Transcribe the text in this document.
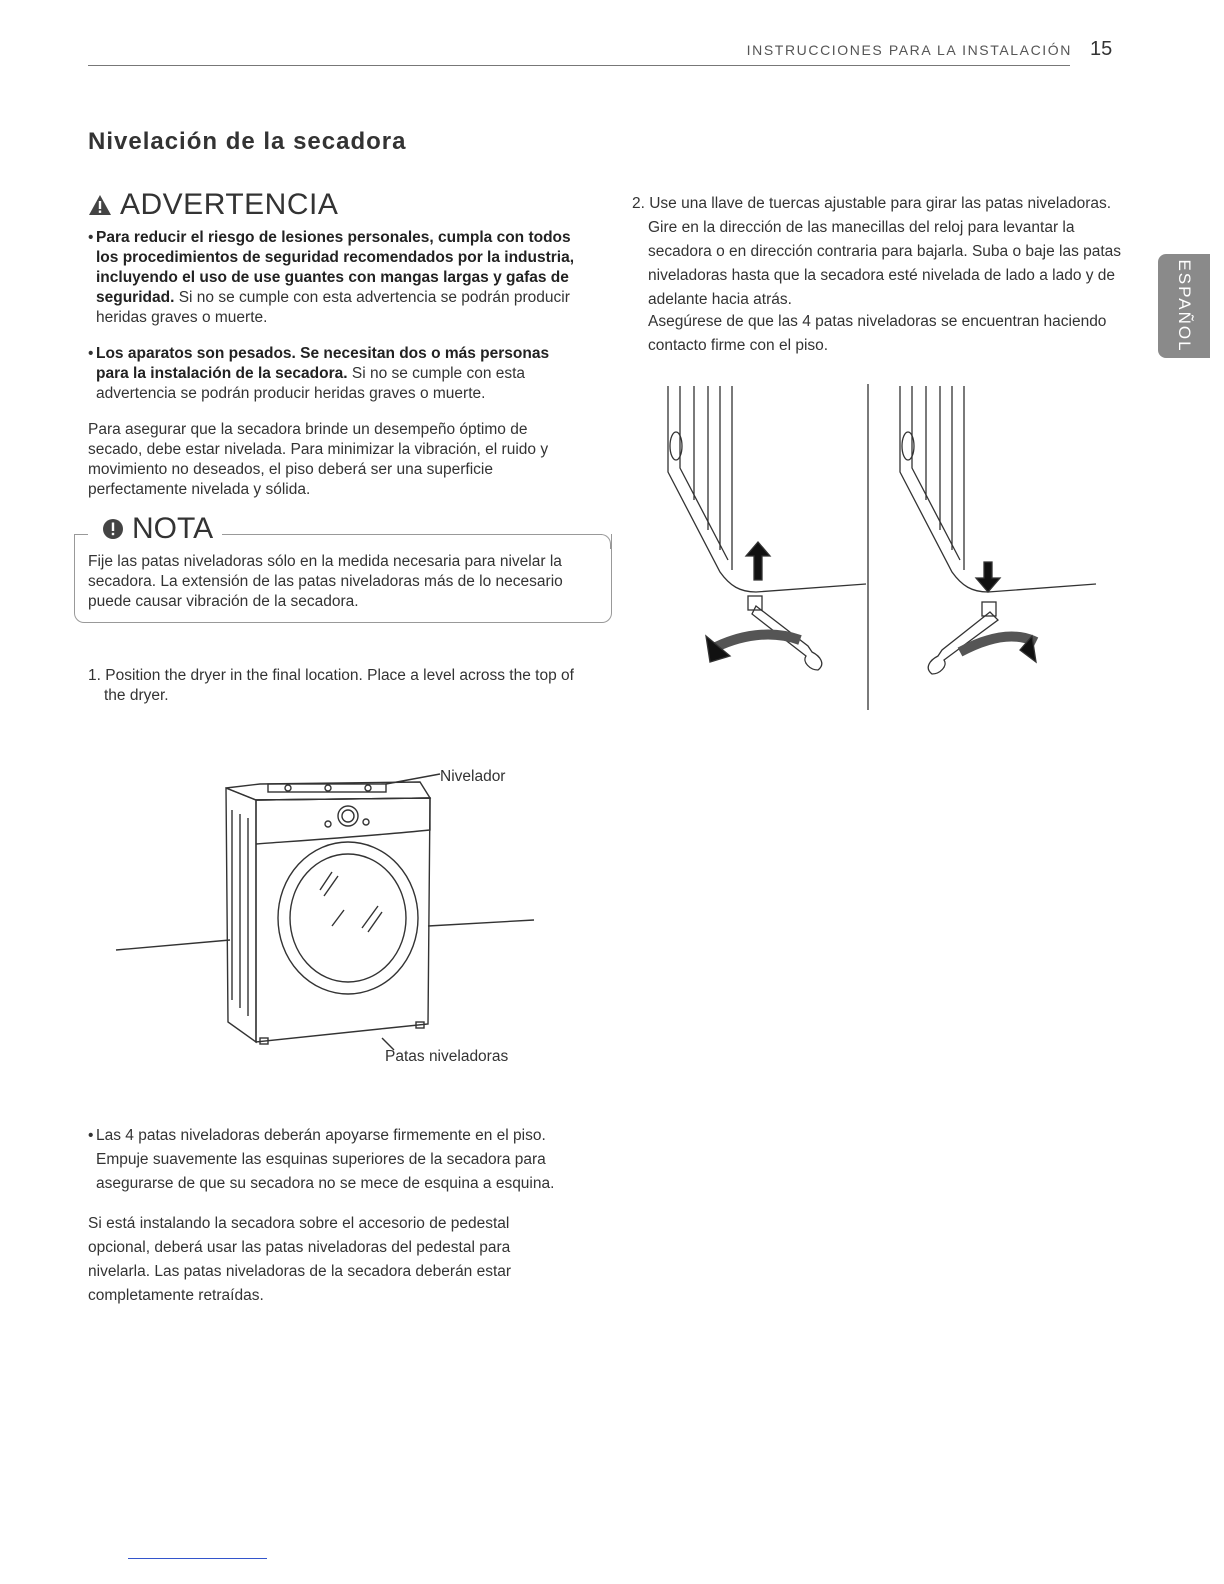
INSTRUCCIONES PARA LA INSTALACIÓN 15
ESPAÑOL
Nivelación de la secadora
ADVERTENCIA
• Para reducir el riesgo de lesiones personales, cumpla con todos los procedimientos de seguridad recomendados por la industria, incluyendo el uso de use guantes con mangas largas y gafas de seguridad. Si no se cumple con esta advertencia se podrán producir heridas graves o muerte.
• Los aparatos son pesados. Se necesitan dos o más personas para la instalación de la secadora. Si no se cumple con esta advertencia se podrán producir heridas graves o muerte.
Para asegurar que la secadora brinde un desempeño óptimo de secado, debe estar nivelada. Para minimizar la vibración, el ruido y movimiento no deseados, el piso deberá ser una superficie perfectamente nivelada y sólida.
NOTA
Fije las patas niveladoras sólo en la medida necesaria para nivelar la secadora. La extensión de las patas niveladoras más de lo necesario puede causar vibración de la secadora.
1. Position the dryer in the final location. Place a level across the top of the dryer.
Nivelador
Patas niveladoras
• Las 4 patas niveladoras deberán apoyarse firmemente en el piso. Empuje suavemente las esquinas superiores de la secadora para asegurarse de que su secadora no se mece de esquina a esquina.
Si está instalando la secadora sobre el accesorio de pedestal opcional, deberá usar las patas niveladoras del pedestal para nivelarla. Las patas niveladoras de la secadora deberán estar completamente retraídas.
2. Use una llave de tuercas ajustable para girar las patas niveladoras. Gire en la dirección de las manecillas del reloj para levantar la secadora o en dirección contraria para bajarla. Suba o baje las patas niveladoras hasta que la secadora esté nivelada de lado a lado y de adelante hacia atrás.
Asegúrese de que las 4 patas niveladoras se encuentran haciendo contacto firme con el piso.
